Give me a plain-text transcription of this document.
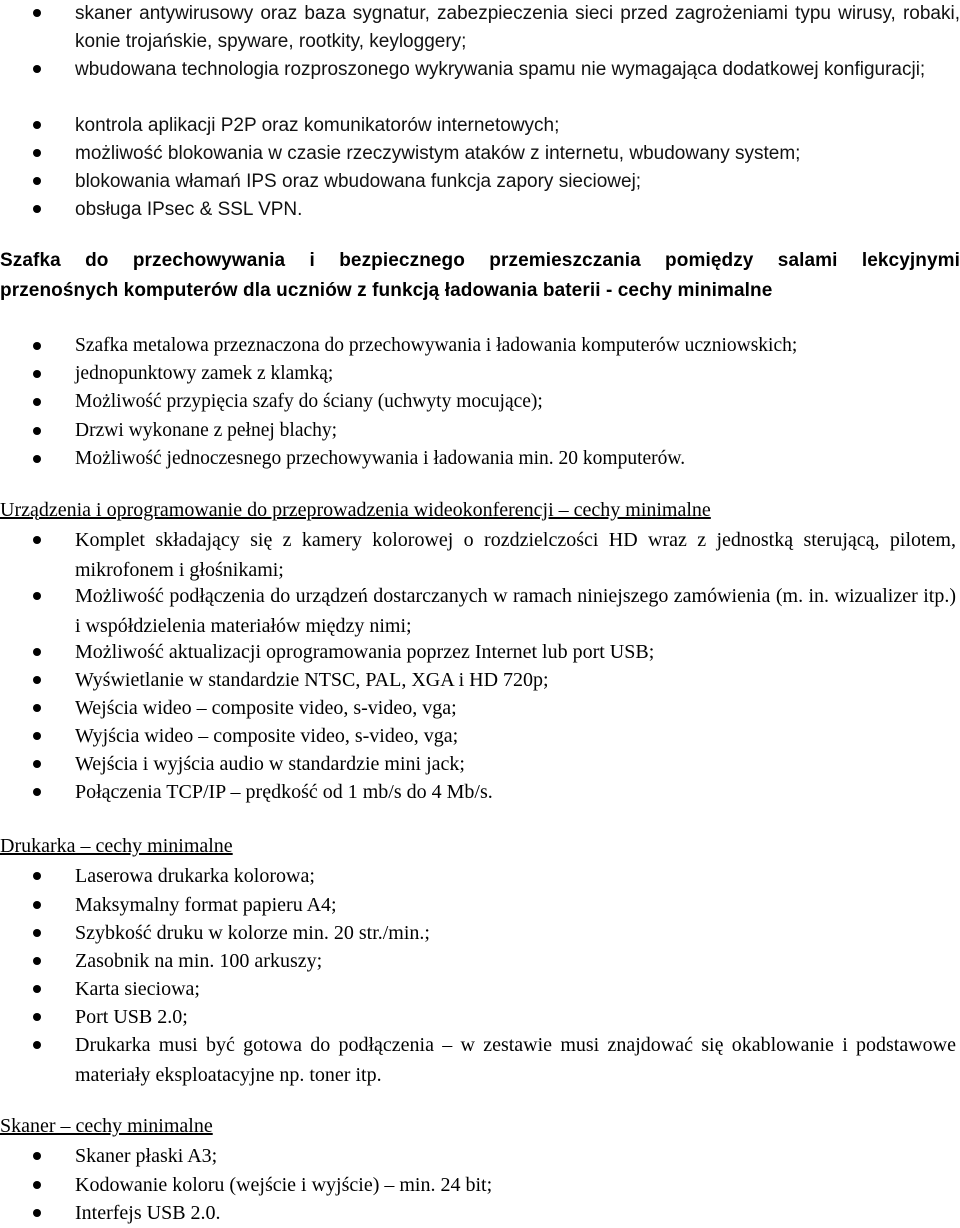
skaner antywirusowy oraz baza sygnatur, zabezpieczenia sieci przed zagrożeniami typu wirusy, robaki, konie trojańskie, spyware, rootkity, keyloggery;
wbudowana technologia rozproszonego wykrywania spamu nie wymagająca dodatkowej konfiguracji;
kontrola aplikacji P2P oraz komunikatorów internetowych;
możliwość blokowania w czasie rzeczywistym ataków z internetu, wbudowany system;
blokowania włamań IPS oraz wbudowana funkcja zapory sieciowej;
obsługa IPsec & SSL VPN.
Szafka do przechowywania i bezpiecznego przemieszczania pomiędzy salami lekcyjnymi
przenośnych komputerów dla uczniów z funkcją ładowania baterii - cechy minimalne
Szafka metalowa przeznaczona do przechowywania i ładowania komputerów uczniowskich;
jednopunktowy zamek z klamką;
Możliwość przypięcia szafy do ściany (uchwyty mocujące);
Drzwi wykonane z pełnej blachy;
Możliwość jednoczesnego przechowywania i ładowania min. 20 komputerów.
Urządzenia i oprogramowanie do przeprowadzenia wideokonferencji – cechy minimalne
Komplet składający się z kamery kolorowej o rozdzielczości HD wraz z jednostką sterującą, pilotem, mikrofonem i głośnikami;
Możliwość podłączenia do urządzeń dostarczanych w ramach niniejszego zamówienia (m. in. wizualizer itp.) i współdzielenia materiałów między nimi;
Możliwość aktualizacji oprogramowania poprzez Internet lub port USB;
Wyświetlanie w standardzie NTSC, PAL, XGA i HD 720p;
Wejścia wideo – composite video, s-video, vga;
Wyjścia wideo – composite video, s-video, vga;
Wejścia i wyjścia audio w standardzie mini jack;
Połączenia TCP/IP – prędkość od 1 mb/s do 4 Mb/s.
Drukarka – cechy minimalne
Laserowa drukarka kolorowa;
Maksymalny format papieru A4;
Szybkość druku w kolorze min. 20 str./min.;
Zasobnik na min. 100 arkuszy;
Karta sieciowa;
Port USB 2.0;
Drukarka musi być gotowa do podłączenia – w zestawie musi znajdować się okablowanie i podstawowe materiały eksploatacyjne np. toner itp.
Skaner – cechy minimalne
Skaner płaski A3;
Kodowanie koloru (wejście i wyjście) – min. 24 bit;
Interfejs USB 2.0.
